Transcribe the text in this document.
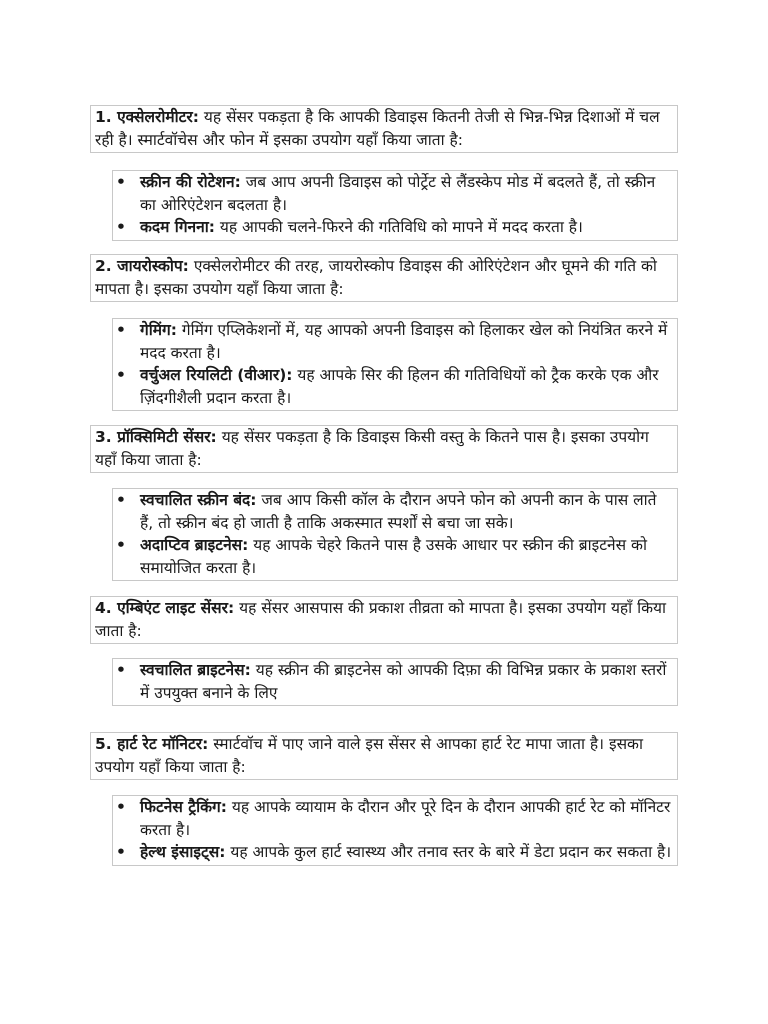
1. एक्सेलरोमीटर: यह सेंसर पकड़ता है कि आपकी डिवाइस कितनी तेजी से भिन्न-भिन्न दिशाओं में चल रही है। स्मार्टवॉचेस और फोन में इसका उपयोग यहाँ किया जाता है:
• स्क्रीन की रोटेशन: जब आप अपनी डिवाइस को पोर्ट्रेट से लैंडस्केप मोड में बदलते हैं, तो स्क्रीन का ओरिएंटेशन बदलता है।
• कदम गिनना: यह आपकी चलने-फिरने की गतिविधि को मापने में मदद करता है।
2. जायरोस्कोप: एक्सेलरोमीटर की तरह, जायरोस्कोप डिवाइस की ओरिएंटेशन और घूमने की गति को मापता है। इसका उपयोग यहाँ किया जाता है:
• गेमिंग: गेमिंग एप्लिकेशनों में, यह आपको अपनी डिवाइस को हिलाकर खेल को नियंत्रित करने में मदद करता है।
• वर्चुअल रियलिटी (वीआर): यह आपके सिर की हिलन की गतिविधियों को ट्रैक करके एक और ज़िंदगीशैली प्रदान करता है।
3. प्रॉक्सिमिटी सेंसर: यह सेंसर पकड़ता है कि डिवाइस किसी वस्तु के कितने पास है। इसका उपयोग यहाँ किया जाता है:
• स्वचालित स्क्रीन बंद: जब आप किसी कॉल के दौरान अपने फोन को अपनी कान के पास लाते हैं, तो स्क्रीन बंद हो जाती है ताकि अकस्मात स्पर्शों से बचा जा सके।
• अदाप्टिव ब्राइटनेस: यह आपके चेहरे कितने पास है उसके आधार पर स्क्रीन की ब्राइटनेस को समायोजित करता है।
4. एम्बिएंट लाइट सेंसर: यह सेंसर आसपास की प्रकाश तीव्रता को मापता है। इसका उपयोग यहाँ किया जाता है:
• स्वचालित ब्राइटनेस: यह स्क्रीन की ब्राइटनेस को आपकी दिफ़ा की विभिन्न प्रकार के प्रकाश स्तरों में उपयुक्त बनाने के लिए
5. हार्ट रेट मॉनिटर: स्मार्टवॉच में पाए जाने वाले इस सेंसर से आपका हार्ट रेट मापा जाता है। इसका उपयोग यहाँ किया जाता है:
• फिटनेस ट्रैकिंग: यह आपके व्यायाम के दौरान और पूरे दिन के दौरान आपकी हार्ट रेट को मॉनिटर करता है।
• हेल्थ इंसाइट्स: यह आपके कुल हार्ट स्वास्थ्य और तनाव स्तर के बारे में डेटा प्रदान कर सकता है।
